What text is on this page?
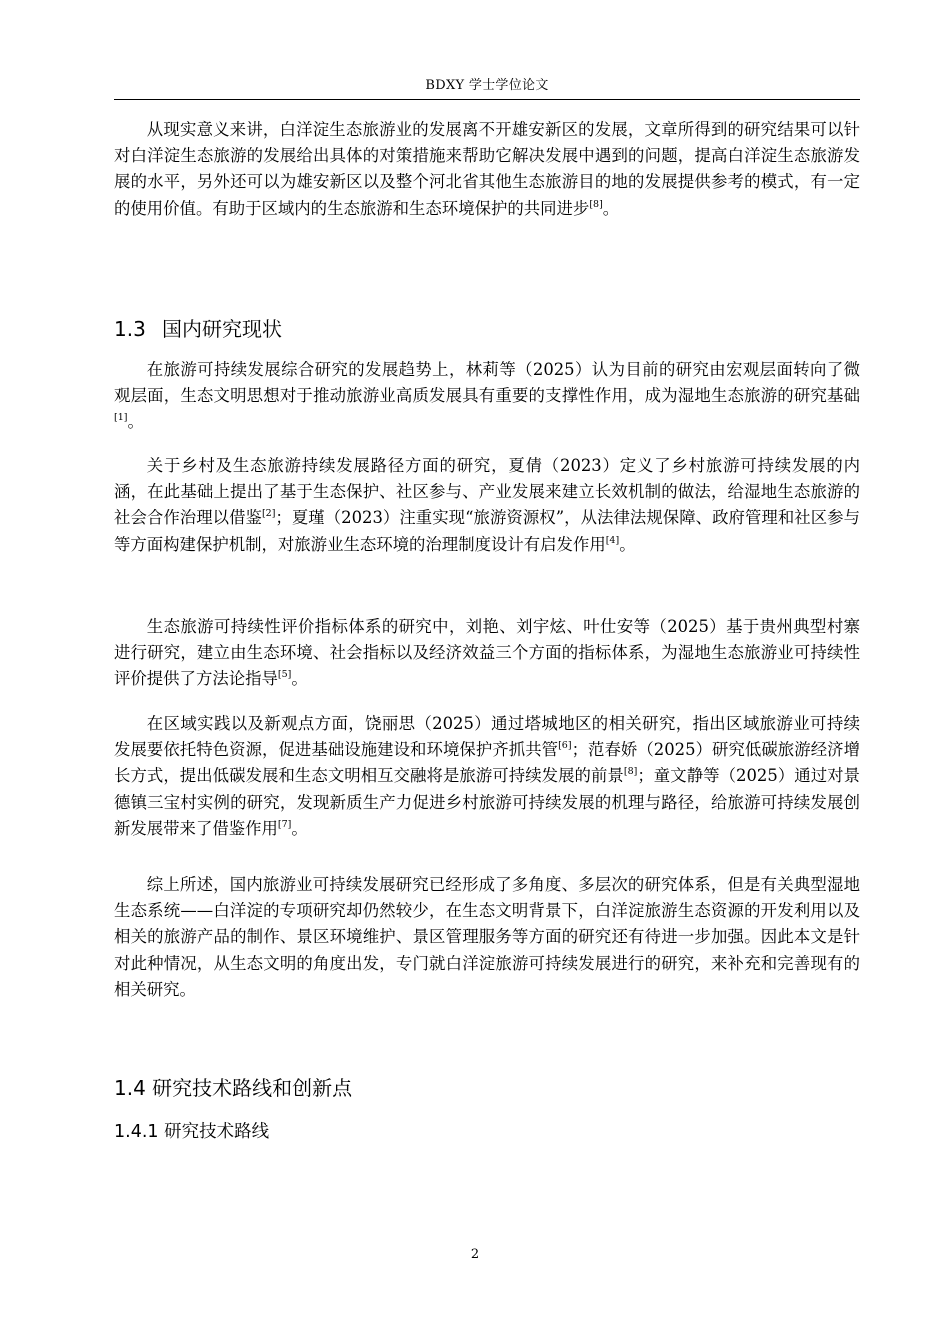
BDXY 学士学位论文

从现实意义来讲，白洋淀生态旅游业的发展离不开雄安新区的发展，文章所得到的研究结果可以针对白洋淀生态旅游的发展给出具体的对策措施来帮助它解决发展中遇到的问题，提高白洋淀生态旅游发展的水平，另外还可以为雄安新区以及整个河北省其他生态旅游目的地的发展提供参考的模式，有一定的使用价值。有助于区域内的生态旅游和生态环境保护的共同进步[8]。

1.3 国内研究现状

在旅游可持续发展综合研究的发展趋势上，林莉等（2025）认为目前的研究由宏观层面转向了微观层面，生态文明思想对于推动旅游业高质发展具有重要的支撑性作用，成为湿地生态旅游的研究基础[1]。

关于乡村及生态旅游持续发展路径方面的研究，夏倩（2023）定义了乡村旅游可持续发展的内涵，在此基础上提出了基于生态保护、社区参与、产业发展来建立长效机制的做法，给湿地生态旅游的社会合作治理以借鉴[2]；夏瑾（2023）注重实现“旅游资源权”，从法律法规保障、政府管理和社区参与等方面构建保护机制，对旅游业生态环境的治理制度设计有启发作用[4]。

生态旅游可持续性评价指标体系的研究中，刘艳、刘宇炫、叶仕安等（2025）基于贵州典型村寨进行研究，建立由生态环境、社会指标以及经济效益三个方面的指标体系，为湿地生态旅游业可持续性评价提供了方法论指导[5]。

在区域实践以及新观点方面，饶丽思（2025）通过塔城地区的相关研究，指出区域旅游业可持续发展要依托特色资源，促进基础设施建设和环境保护齐抓共管[6]；范春娇（2025）研究低碳旅游经济增长方式，提出低碳发展和生态文明相互交融将是旅游可持续发展的前景[8]；童文静等（2025）通过对景德镇三宝村实例的研究，发现新质生产力促进乡村旅游可持续发展的机理与路径，给旅游可持续发展创新发展带来了借鉴作用[7]。

综上所述，国内旅游业可持续发展研究已经形成了多角度、多层次的研究体系，但是有关典型湿地生态系统——白洋淀的专项研究却仍然较少，在生态文明背景下，白洋淀旅游生态资源的开发利用以及相关的旅游产品的制作、景区环境维护、景区管理服务等方面的研究还有待进一步加强。因此本文是针对此种情况，从生态文明的角度出发，专门就白洋淀旅游可持续发展进行的研究，来补充和完善现有的相关研究。

1.4 研究技术路线和创新点
1.4.1 研究技术路线
2
